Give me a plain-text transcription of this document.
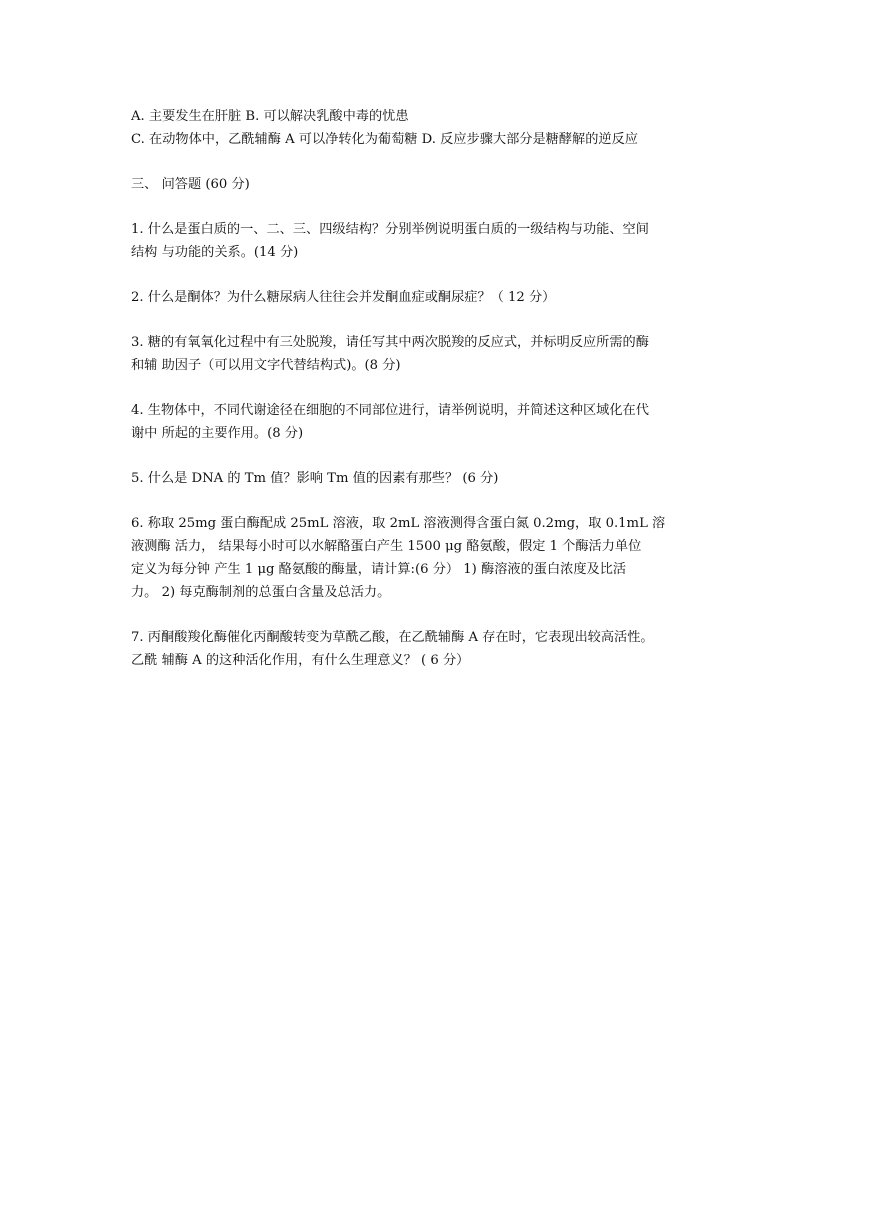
A. 主要发生在肝脏 B. 可以解决乳酸中毒的忧患

C. 在动物体中，乙酰辅酶 A 可以净转化为葡萄糖 D. 反应步骤大部分是糖酵解的逆反应

三、 问答题 (60 分)

1. 什么是蛋白质的一、二、三、四级结构？分别举例说明蛋白质的一级结构与功能、空间

结构 与功能的关系。(14 分)

2. 什么是酮体？为什么糖尿病人往往会并发酮血症或酮尿症？（ 12 分）

3. 糖的有氧氧化过程中有三处脱羧，请任写其中两次脱羧的反应式，并标明反应所需的酶

和辅 助因子（可以用文字代替结构式)。(8 分)

4. 生物体中，不同代谢途径在细胞的不同部位进行，请举例说明，并简述这种区域化在代

谢中 所起的主要作用。(8 分)

5. 什么是 DNA 的 Tm 值？影响 Tm 值的因素有那些？ (6 分)

6. 称取 25mg 蛋白酶配成 25mL 溶液，取 2mL 溶液测得含蛋白氮 0.2mg，取 0.1mL 溶

液测酶 活力， 结果每小时可以水解酪蛋白产生 1500 μg 酪氨酸，假定 1 个酶活力单位

定义为每分钟 产生 1 μg 酪氨酸的酶量，请计算:(6 分） 1) 酶溶液的蛋白浓度及比活

力。 2) 每克酶制剂的总蛋白含量及总活力。

7. 丙酮酸羧化酶催化丙酮酸转变为草酰乙酸，在乙酰辅酶 A 存在时，它表现出较高活性。

乙酰 辅酶 A 的这种活化作用，有什么生理意义？ ( 6 分）
